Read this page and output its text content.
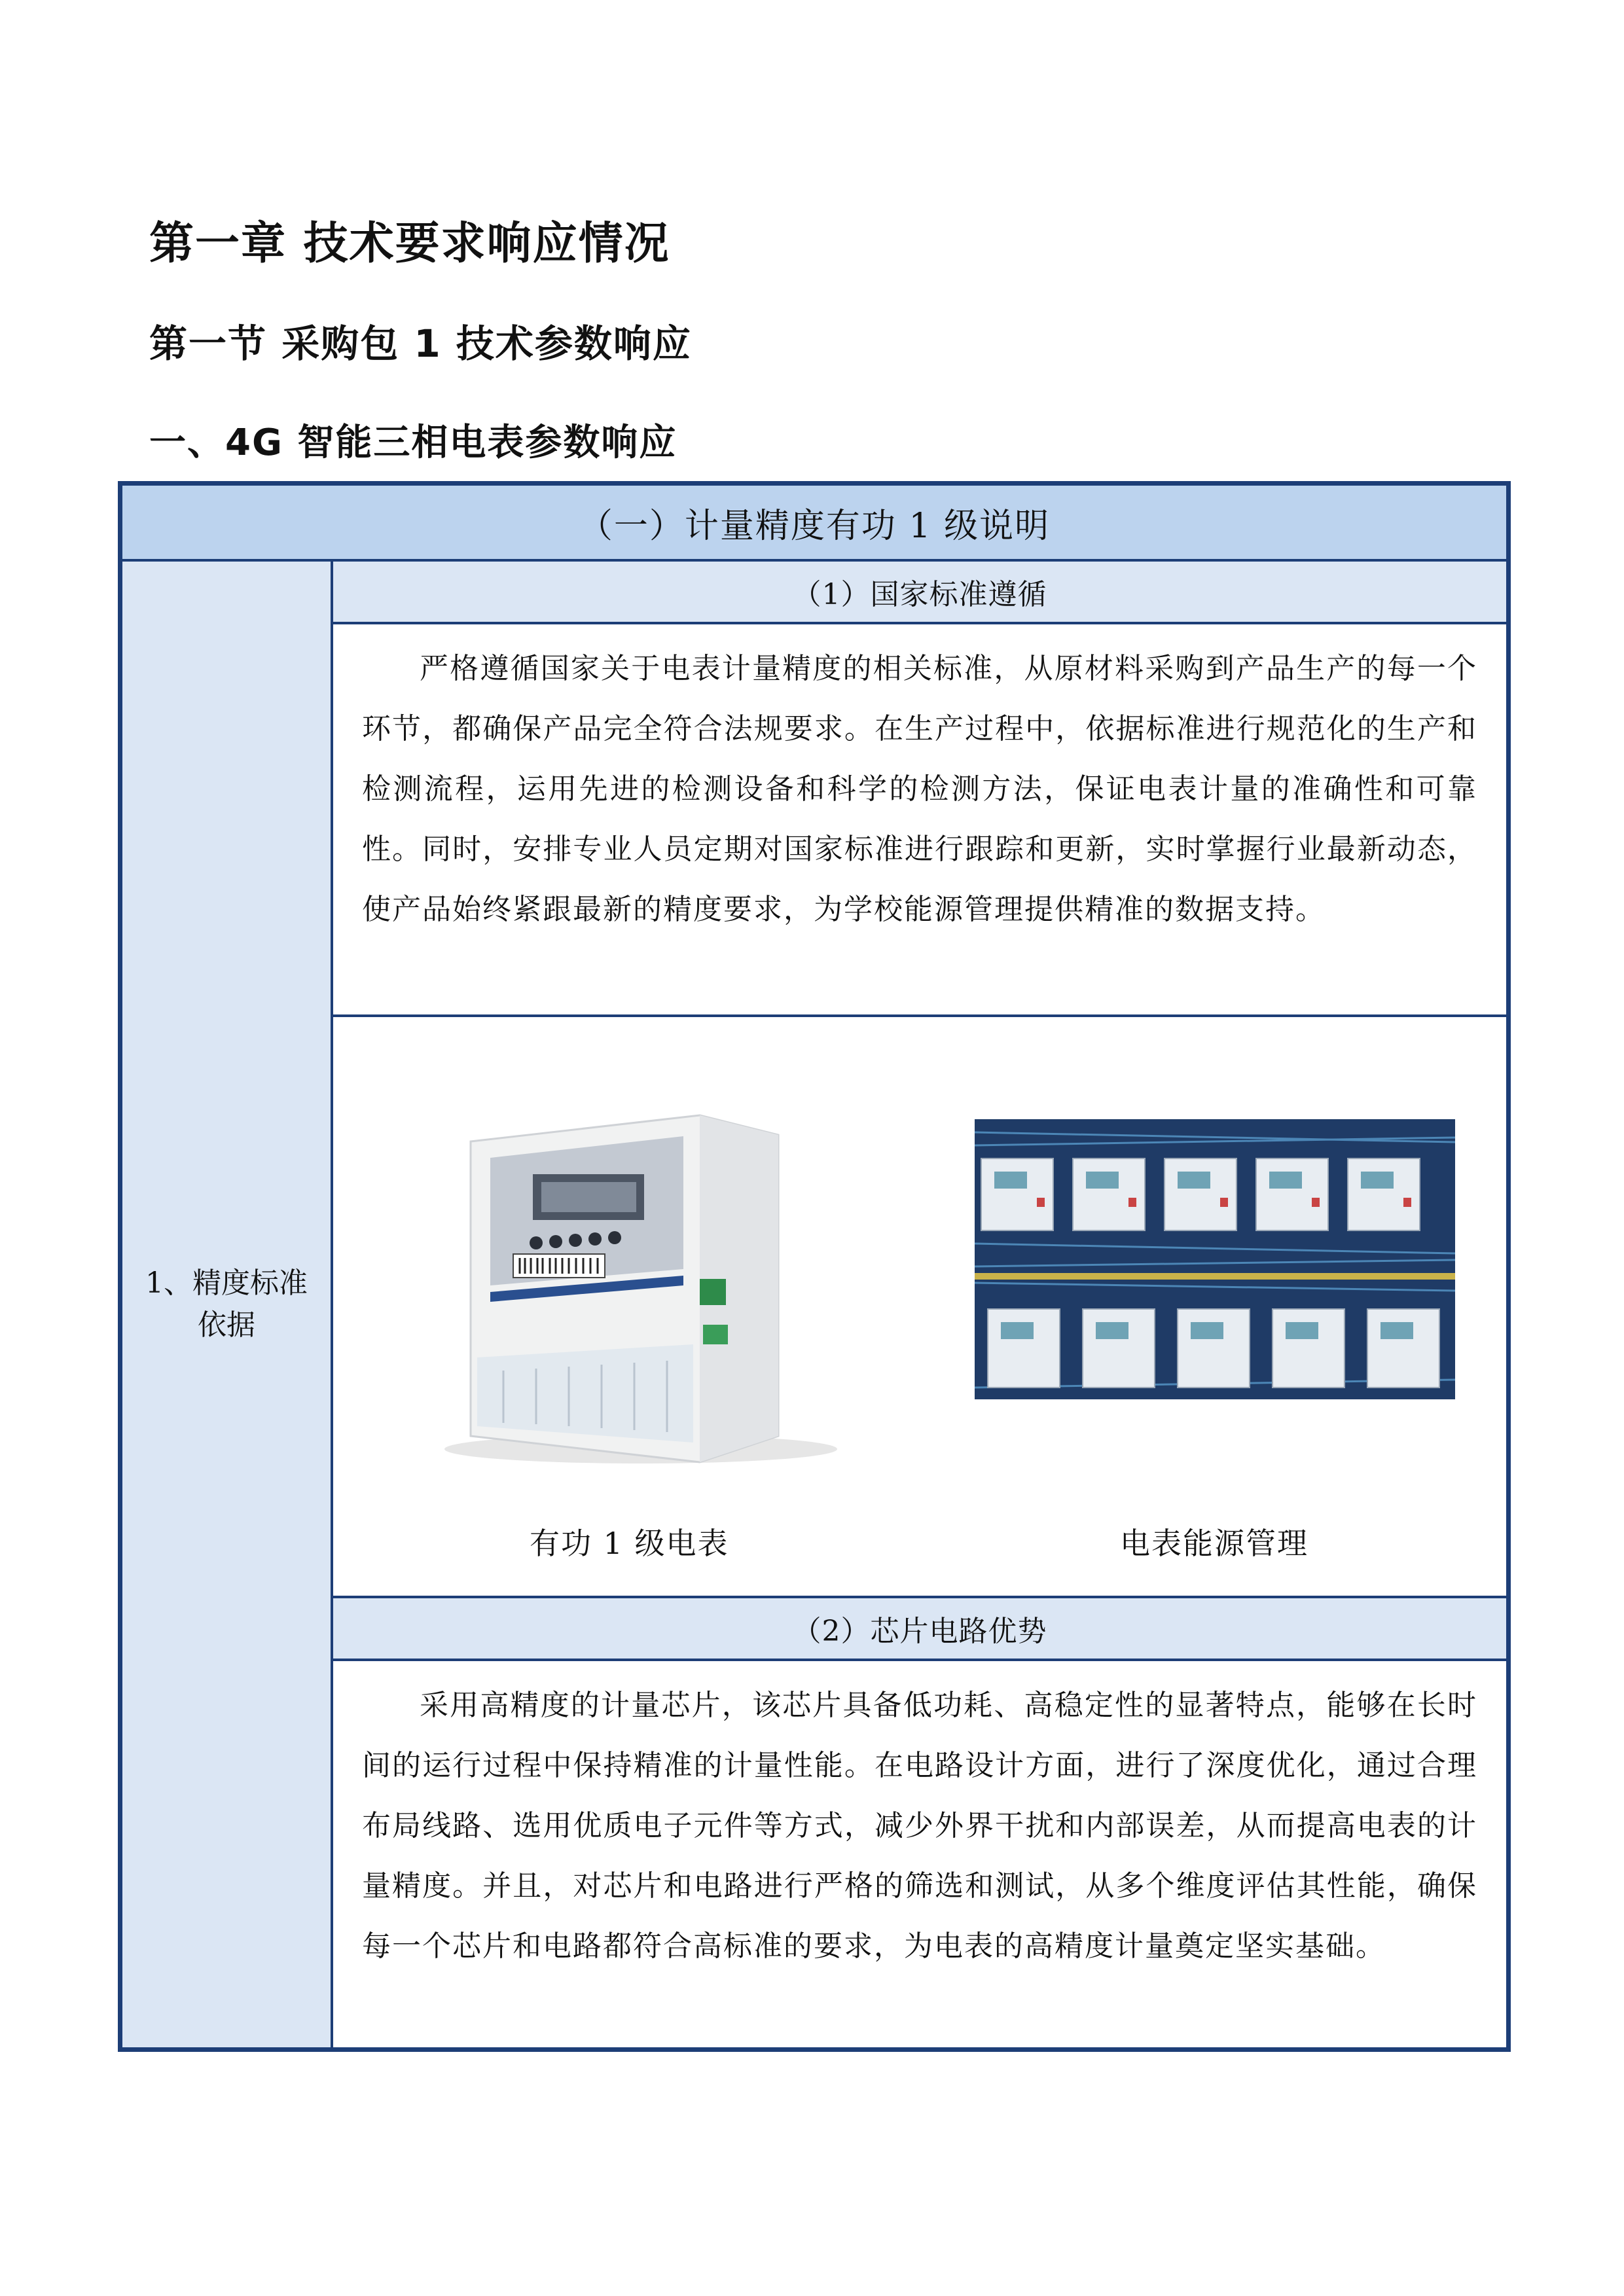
第一章 技术要求响应情况
第一节 采购包 1 技术参数响应
一、4G 智能三相电表参数响应
（一）计量精度有功 1 级说明
1、精度标准依据
（1）国家标准遵循
严格遵循国家关于电表计量精度的相关标准，从原材料采购到产品生产的每一个环节，都确保产品完全符合法规要求。在生产过程中，依据标准进行规范化的生产和检测流程，运用先进的检测设备和科学的检测方法，保证电表计量的准确性和可靠性。同时，安排专业人员定期对国家标准进行跟踪和更新，实时掌握行业最新动态，使产品始终紧跟最新的精度要求，为学校能源管理提供精准的数据支持。
有功 1 级电表	电表能源管理
（2）芯片电路优势
采用高精度的计量芯片，该芯片具备低功耗、高稳定性的显著特点，能够在长时间的运行过程中保持精准的计量性能。在电路设计方面，进行了深度优化，通过合理布局线路、选用优质电子元件等方式，减少外界干扰和内部误差，从而提高电表的计量精度。并且，对芯片和电路进行严格的筛选和测试，从多个维度评估其性能，确保每一个芯片和电路都符合高标准的要求，为电表的高精度计量奠定坚实基础。
